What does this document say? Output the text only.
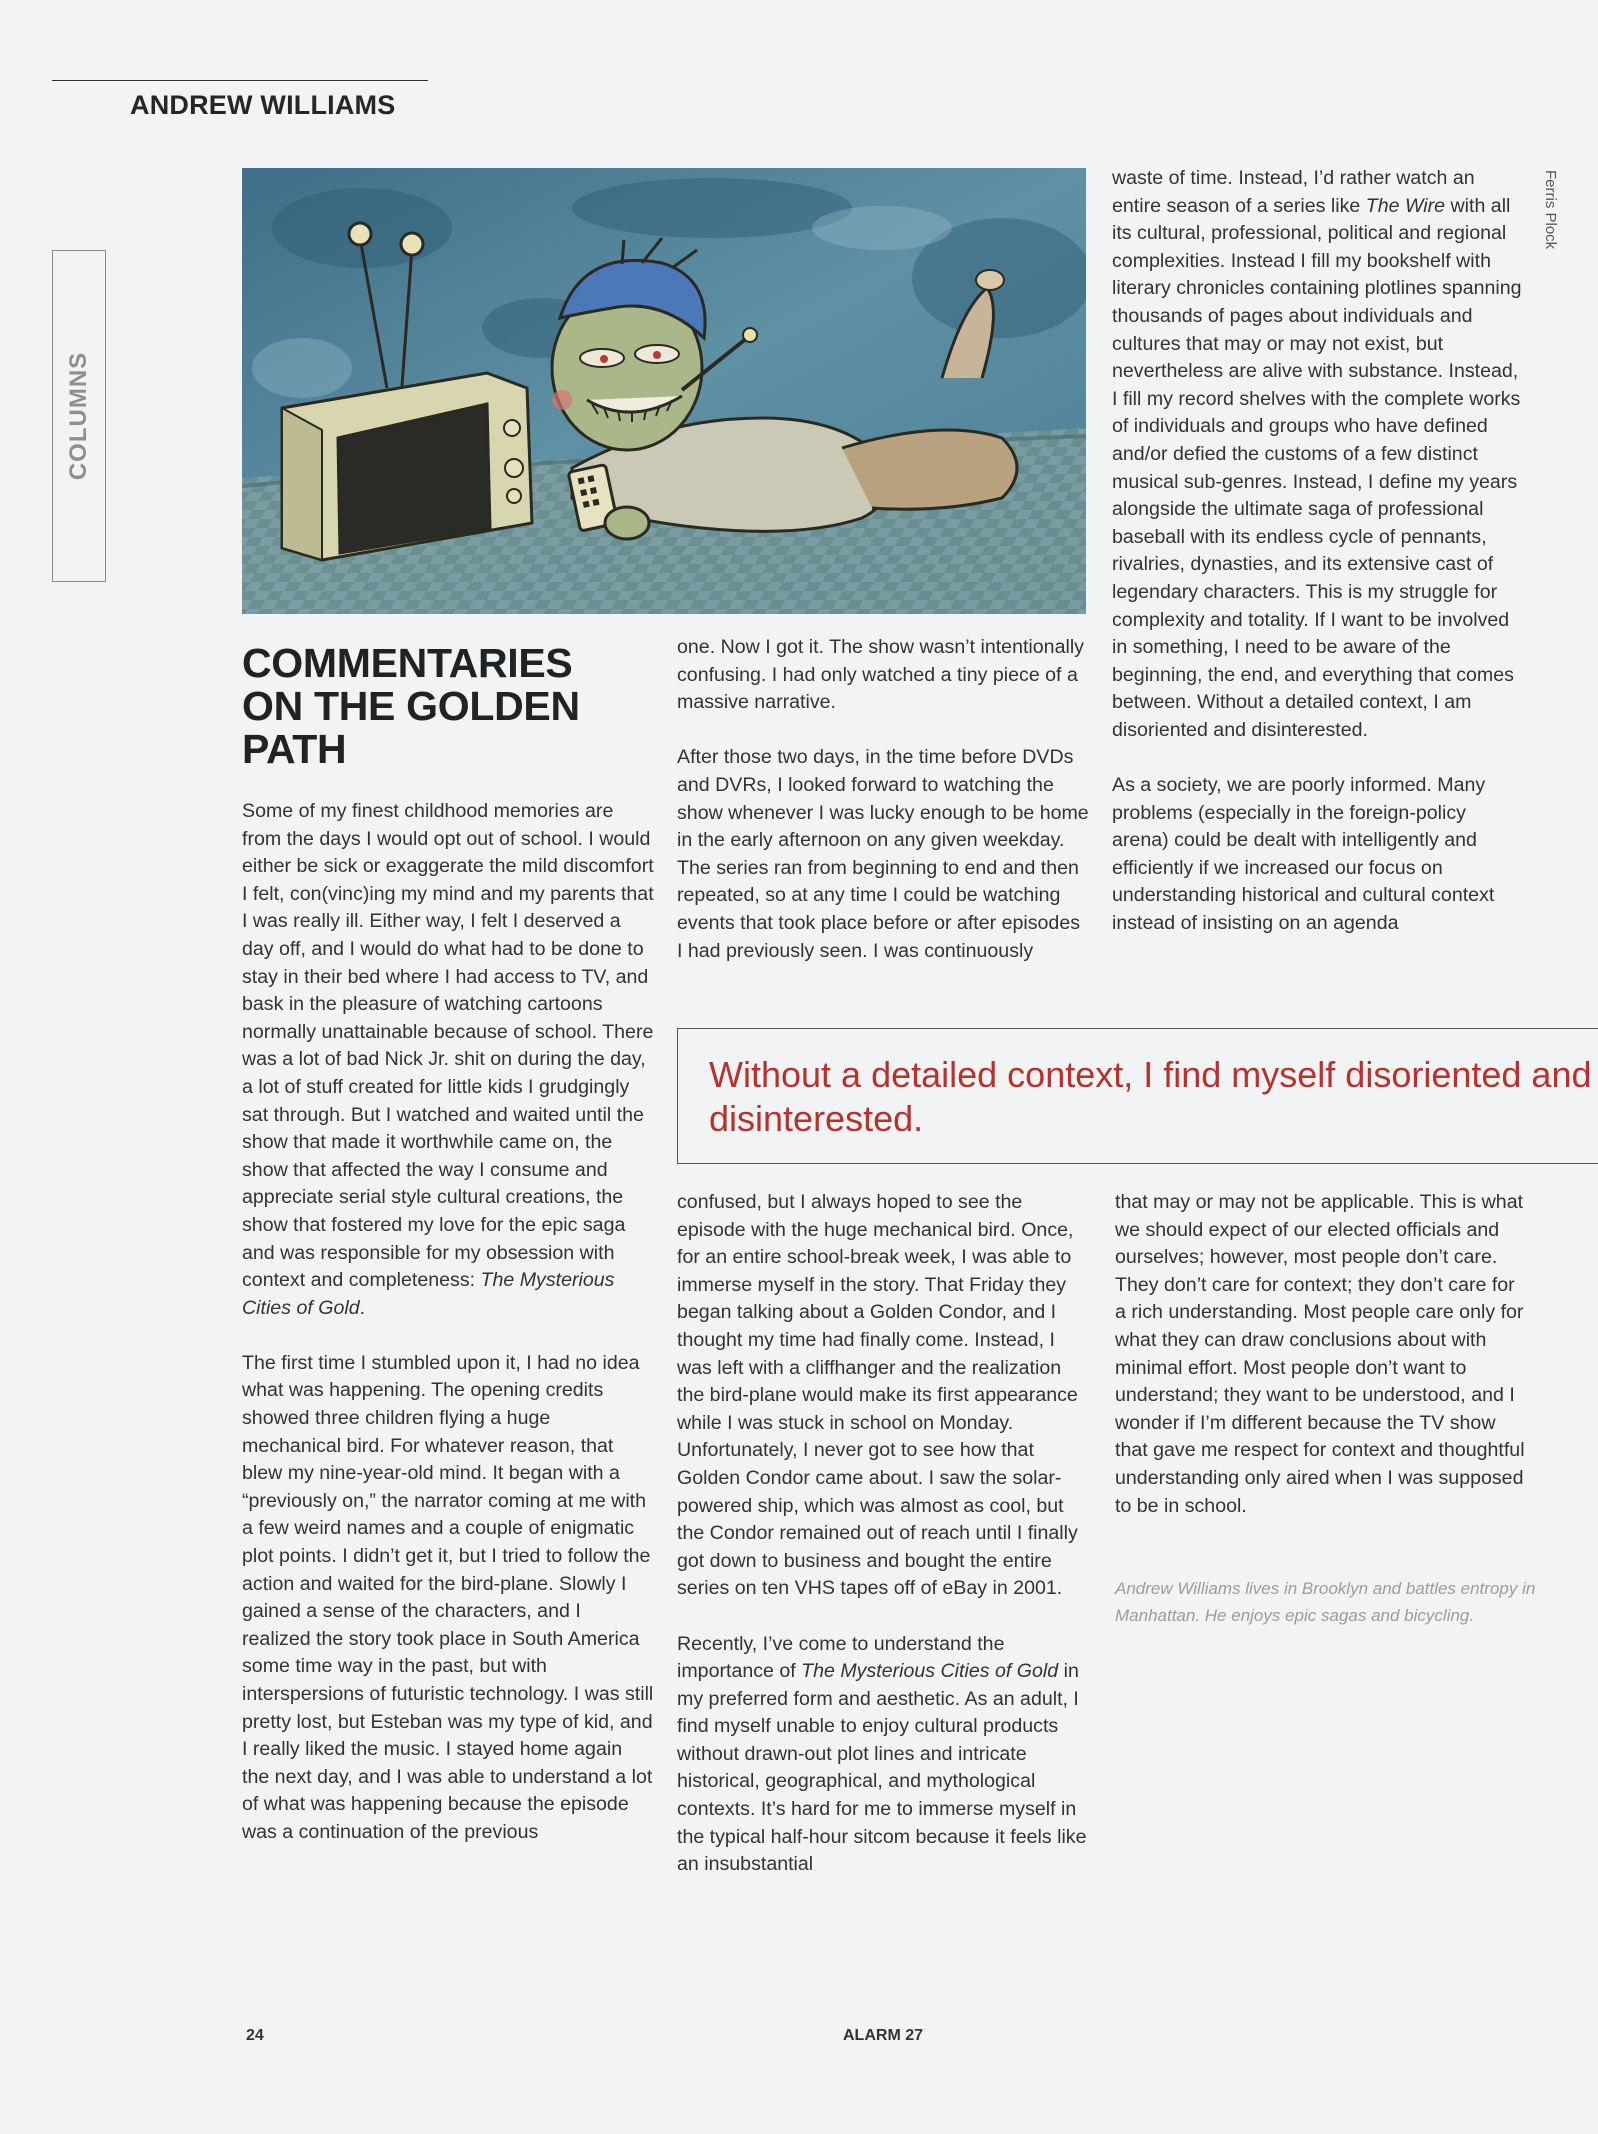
ANDREW WILLIAMS
COLUMNS
Ferris Plock
COMMENTARIES
ON THE GOLDEN
PATH

Some of my finest childhood memories are from the days I would opt out of school. I would either be sick or exaggerate the mild discomfort I felt, con(vinc)ing my mind and my parents that I was really ill. Either way, I felt I deserved a day off, and I would do what had to be done to stay in their bed where I had access to TV, and bask in the pleasure of watching cartoons normally unattainable because of school. There was a lot of bad Nick Jr. shit on during the day, a lot of stuff created for little kids I grudgingly sat through. But I watched and waited until the show that made it worthwhile came on, the show that affected the way I consume and appreciate serial style cultural creations, the show that fostered my love for the epic saga and was responsible for my obsession with context and completeness: The Mysterious Cities of Gold.

The first time I stumbled upon it, I had no idea what was happening. The opening credits showed three children flying a huge mechanical bird. For whatever reason, that blew my nine-year-old mind. It began with a “previously on,” the narrator coming at me with a few weird names and a couple of enigmatic plot points. I didn’t get it, but I tried to follow the action and waited for the bird-plane. Slowly I gained a sense of the characters, and I realized the story took place in South America some time way in the past, but with interspersions of futuristic technology. I was still pretty lost, but Esteban was my type of kid, and I really liked the music. I stayed home again the next day, and I was able to understand a lot of what was happening because the episode was a continuation of the previous

one. Now I got it. The show wasn’t intentionally confusing. I had only watched a tiny piece of a massive narrative.

After those two days, in the time before DVDs and DVRs, I looked forward to watching the show whenever I was lucky enough to be home in the early afternoon on any given weekday. The series ran from beginning to end and then repeated, so at any time I could be watching events that took place before or after episodes I had previously seen. I was continuously

waste of time. Instead, I’d rather watch an entire season of a series like The Wire with all its cultural, professional, political and regional complexities. Instead I fill my bookshelf with literary chronicles containing plotlines spanning thousands of pages about individuals and cultures that may or may not exist, but nevertheless are alive with substance. Instead, I fill my record shelves with the complete works of individuals and groups who have defined and/or defied the customs of a few distinct musical sub-genres. Instead, I define my years alongside the ultimate saga of professional baseball with its endless cycle of pennants, rivalries, dynasties, and its extensive cast of legendary characters. This is my struggle for complexity and totality. If I want to be involved in something, I need to be aware of the beginning, the end, and everything that comes between. Without a detailed context, I am disoriented and disinterested.

As a society, we are poorly informed. Many problems (especially in the foreign-policy arena) could be dealt with intelligently and efficiently if we increased our focus on understanding historical and cultural context instead of insisting on an agenda

Without a detailed context, I find myself disoriented and disinterested.

confused, but I always hoped to see the episode with the huge mechanical bird. Once, for an entire school-break week, I was able to immerse myself in the story. That Friday they began talking about a Golden Condor, and I thought my time had finally come. Instead, I was left with a cliffhanger and the realization the bird-plane would make its first appearance while I was stuck in school on Monday. Unfortunately, I never got to see how that Golden Condor came about. I saw the solar-powered ship, which was almost as cool, but the Condor remained out of reach until I finally got down to business and bought the entire series on ten VHS tapes off of eBay in 2001.

Recently, I’ve come to understand the importance of The Mysterious Cities of Gold in my preferred form and aesthetic. As an adult, I find myself unable to enjoy cultural products without drawn-out plot lines and intricate historical, geographical, and mythological contexts. It’s hard for me to immerse myself in the typical half-hour sitcom because it feels like an insubstantial

that may or may not be applicable. This is what we should expect of our elected officials and ourselves; however, most people don’t care. They don’t care for context; they don’t care for a rich understanding. Most people care only for what they can draw conclusions about with minimal effort. Most people don’t want to understand; they want to be understood, and I wonder if I’m different because the TV show that gave me respect for context and thoughtful understanding only aired when I was supposed to be in school.

Andrew Williams lives in Brooklyn and battles entropy in Manhattan. He enjoys epic sagas and bicycling.
24	ALARM 27
